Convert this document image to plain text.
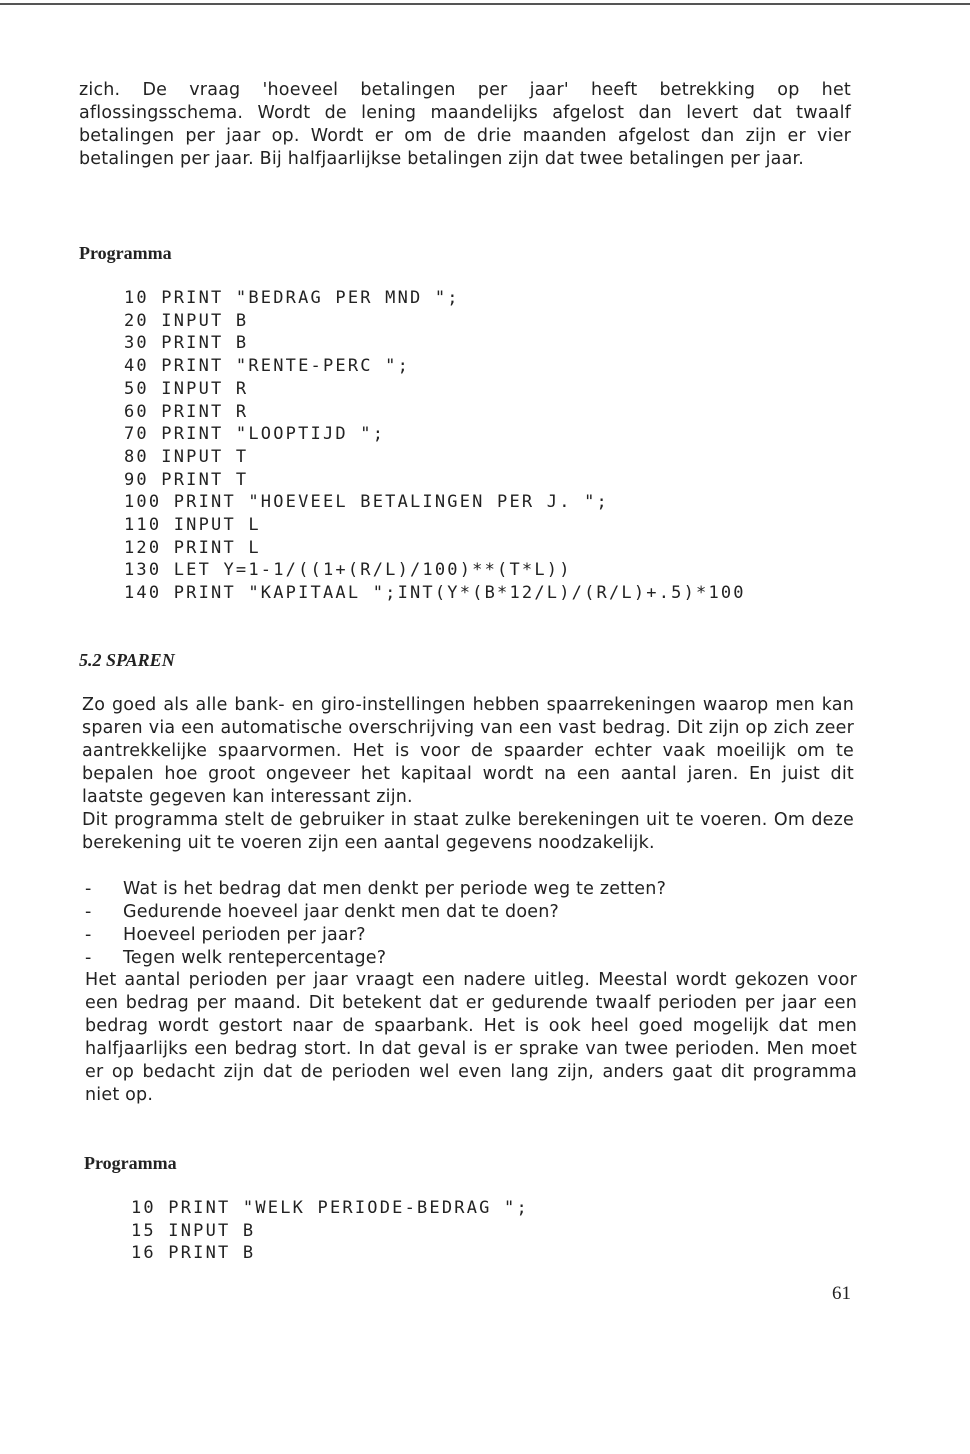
zich. De vraag 'hoeveel betalingen per jaar' heeft betrekking op het aflossingsschema. Wordt de lening maandelijks afgelost dan levert dat twaalf betalingen per jaar op. Wordt er om de drie maanden afgelost dan zijn er vier betalingen per jaar. Bij halfjaarlijkse betalingen zijn dat twee betalingen per jaar.

Programma
10 PRINT "BEDRAG PER MND ";
20 INPUT B
30 PRINT B
40 PRINT "RENTE-PERC ";
50 INPUT R
60 PRINT R
70 PRINT "LOOPTIJD ";
80 INPUT T
90 PRINT T
100 PRINT "HOEVEEL BETALINGEN PER J. ";
110 INPUT L
120 PRINT L
130 LET Y=1-1/((1+(R/L)/100)**(T*L))
140 PRINT "KAPITAAL ";INT(Y*(B*12/L)/(R/L)+.5)*100
5.2 SPAREN

Zo goed als alle bank- en giro-instellingen hebben spaarrekeningen waarop men kan sparen via een automatische overschrijving van een vast bedrag. Dit zijn op zich zeer aantrekkelijke spaarvormen. Het is voor de spaarder echter vaak moeilijk om te bepalen hoe groot ongeveer het kapitaal wordt na een aantal jaren. En juist dit laatste gegeven kan interessant zijn.

Dit programma stelt de gebruiker in staat zulke berekeningen uit te voeren. Om deze berekening uit te voeren zijn een aantal gegevens noodzakelijk.

- Wat is het bedrag dat men denkt per periode weg te zetten?
- Gedurende hoeveel jaar denkt men dat te doen?
- Hoeveel perioden per jaar?
- Tegen welk rentepercentage?

Het aantal perioden per jaar vraagt een nadere uitleg. Meestal wordt gekozen voor een bedrag per maand. Dit betekent dat er gedurende twaalf perioden per jaar een bedrag wordt gestort naar de spaarbank. Het is ook heel goed mogelijk dat men halfjaarlijks een bedrag stort. In dat geval is er sprake van twee perioden. Men moet er op bedacht zijn dat de perioden wel even lang zijn, anders gaat dit programma niet op.

Programma
10 PRINT "WELK PERIODE-BEDRAG ";
15 INPUT B
16 PRINT B

61
